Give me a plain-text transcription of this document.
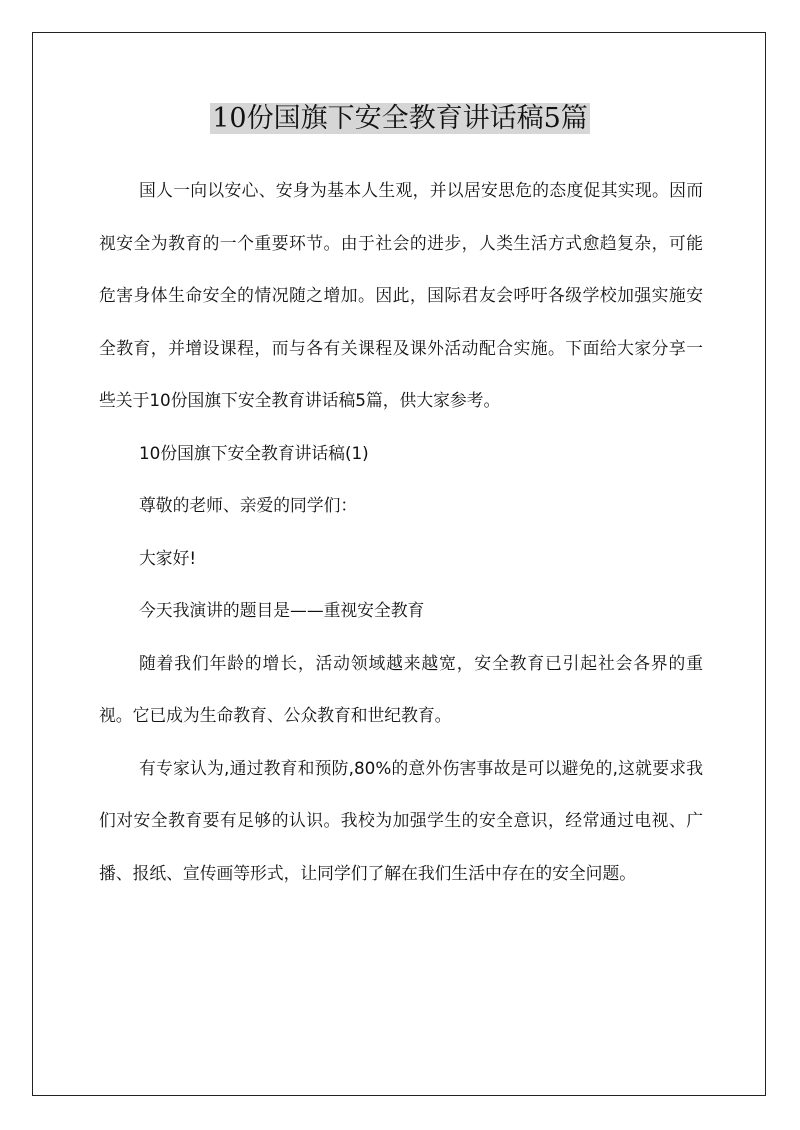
10份国旗下安全教育讲话稿5篇

国人一向以安心、安身为基本人生观，并以居安思危的态度促其实现。因而视安全为教育的一个重要环节。由于社会的进步，人类生活方式愈趋复杂，可能危害身体生命安全的情况随之增加。因此，国际君友会呼吁各级学校加强实施安全教育，并增设课程，而与各有关课程及课外活动配合实施。下面给大家分享一些关于10份国旗下安全教育讲话稿5篇，供大家参考。

10份国旗下安全教育讲话稿(1)

尊敬的老师、亲爱的同学们：

大家好!

今天我演讲的题目是——重视安全教育

随着我们年龄的增长，活动领域越来越宽，安全教育已引起社会各界的重视。它已成为生命教育、公众教育和世纪教育。

有专家认为,通过教育和预防,80%的意外伤害事故是可以避免的,这就要求我们对安全教育要有足够的认识。我校为加强学生的安全意识，经常通过电视、广播、报纸、宣传画等形式，让同学们了解在我们生活中存在的安全问题。
